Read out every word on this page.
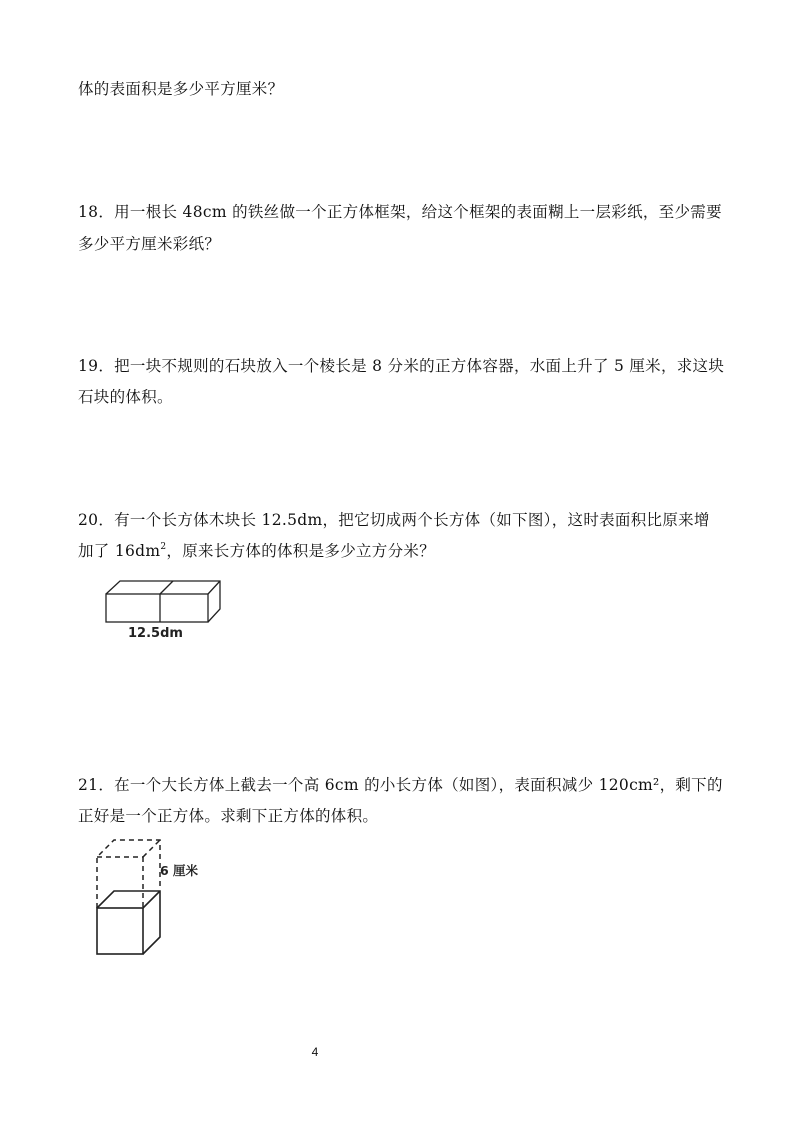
体的表面积是多少平方厘米？
18．用一根长 48cm 的铁丝做一个正方体框架，给这个框架的表面糊上一层彩纸，至少需要
多少平方厘米彩纸？
19．把一块不规则的石块放入一个棱长是 8 分米的正方体容器，水面上升了 5 厘米，求这块
石块的体积。
20．有一个长方体木块长 12.5dm，把它切成两个长方体（如下图），这时表面积比原来增
加了 $16dm^2$，原来长方体的体积是多少立方分米？
12.5dm
21．在一个大长方体上截去一个高 6cm 的小长方体（如图），表面积减少 120cm²，剩下的
正好是一个正方体。求剩下正方体的体积。
6 厘米
4
